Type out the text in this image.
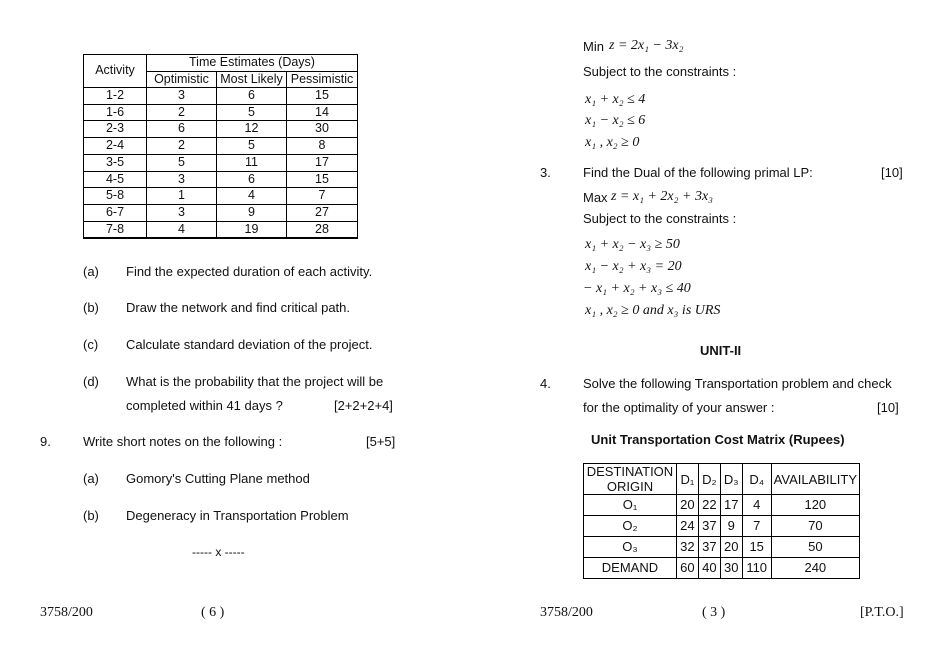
Activity	Time Estimates (Days)		
	Optimistic	Most Likely	Pessimistic
1-2	3	6	15
1-6	2	5	14
2-3	6	12	30
2-4	2	5	8
3-5	5	11	17
4-5	3	6	15
5-8	1	4	7
6-7	3	9	27
7-8	4	19	28
(a) Find the expected duration of each activity.
(b) Draw the network and find critical path.
(c) Calculate standard deviation of the project.
(d) What is the probability that the project will be
completed within 41 days ?	[2+2+2+4]
9. Write short notes on the following :	[5+5]
(a) Gomory's Cutting Plane method
(b) Degeneracy in Transportation Problem
----- x -----
3758/200	( 6 )
Min z = 2x₁ − 3x₂
Subject to the constraints :
x₁ + x₂ ≤ 4
x₁ − x₂ ≤ 6
x₁ , x₂ ≥ 0
3. Find the Dual of the following primal LP:	[10]
Max z = x₁ + 2x₂ + 3x₃
Subject to the constraints :
x₁ + x₂ − x₃ ≥ 50
x₁ − x₂ + x₃ = 20
− x₁ + x₂ + x₃ ≤ 40
x₁ , x₂ ≥ 0 and x₃ is URS
UNIT-II
4. Solve the following Transportation problem and check
for the optimality of your answer :	[10]
Unit Transportation Cost Matrix (Rupees)
DESTINATION
ORIGIN	D₁	D₂	D₃	D₄	AVAILABILITY
O₁	20	22	17	4	120
O₂	24	37	9	7	70
O₃	32	37	20	15	50
DEMAND	60	40	30	110	240
3758/200	( 3 )	[P.T.O.]
